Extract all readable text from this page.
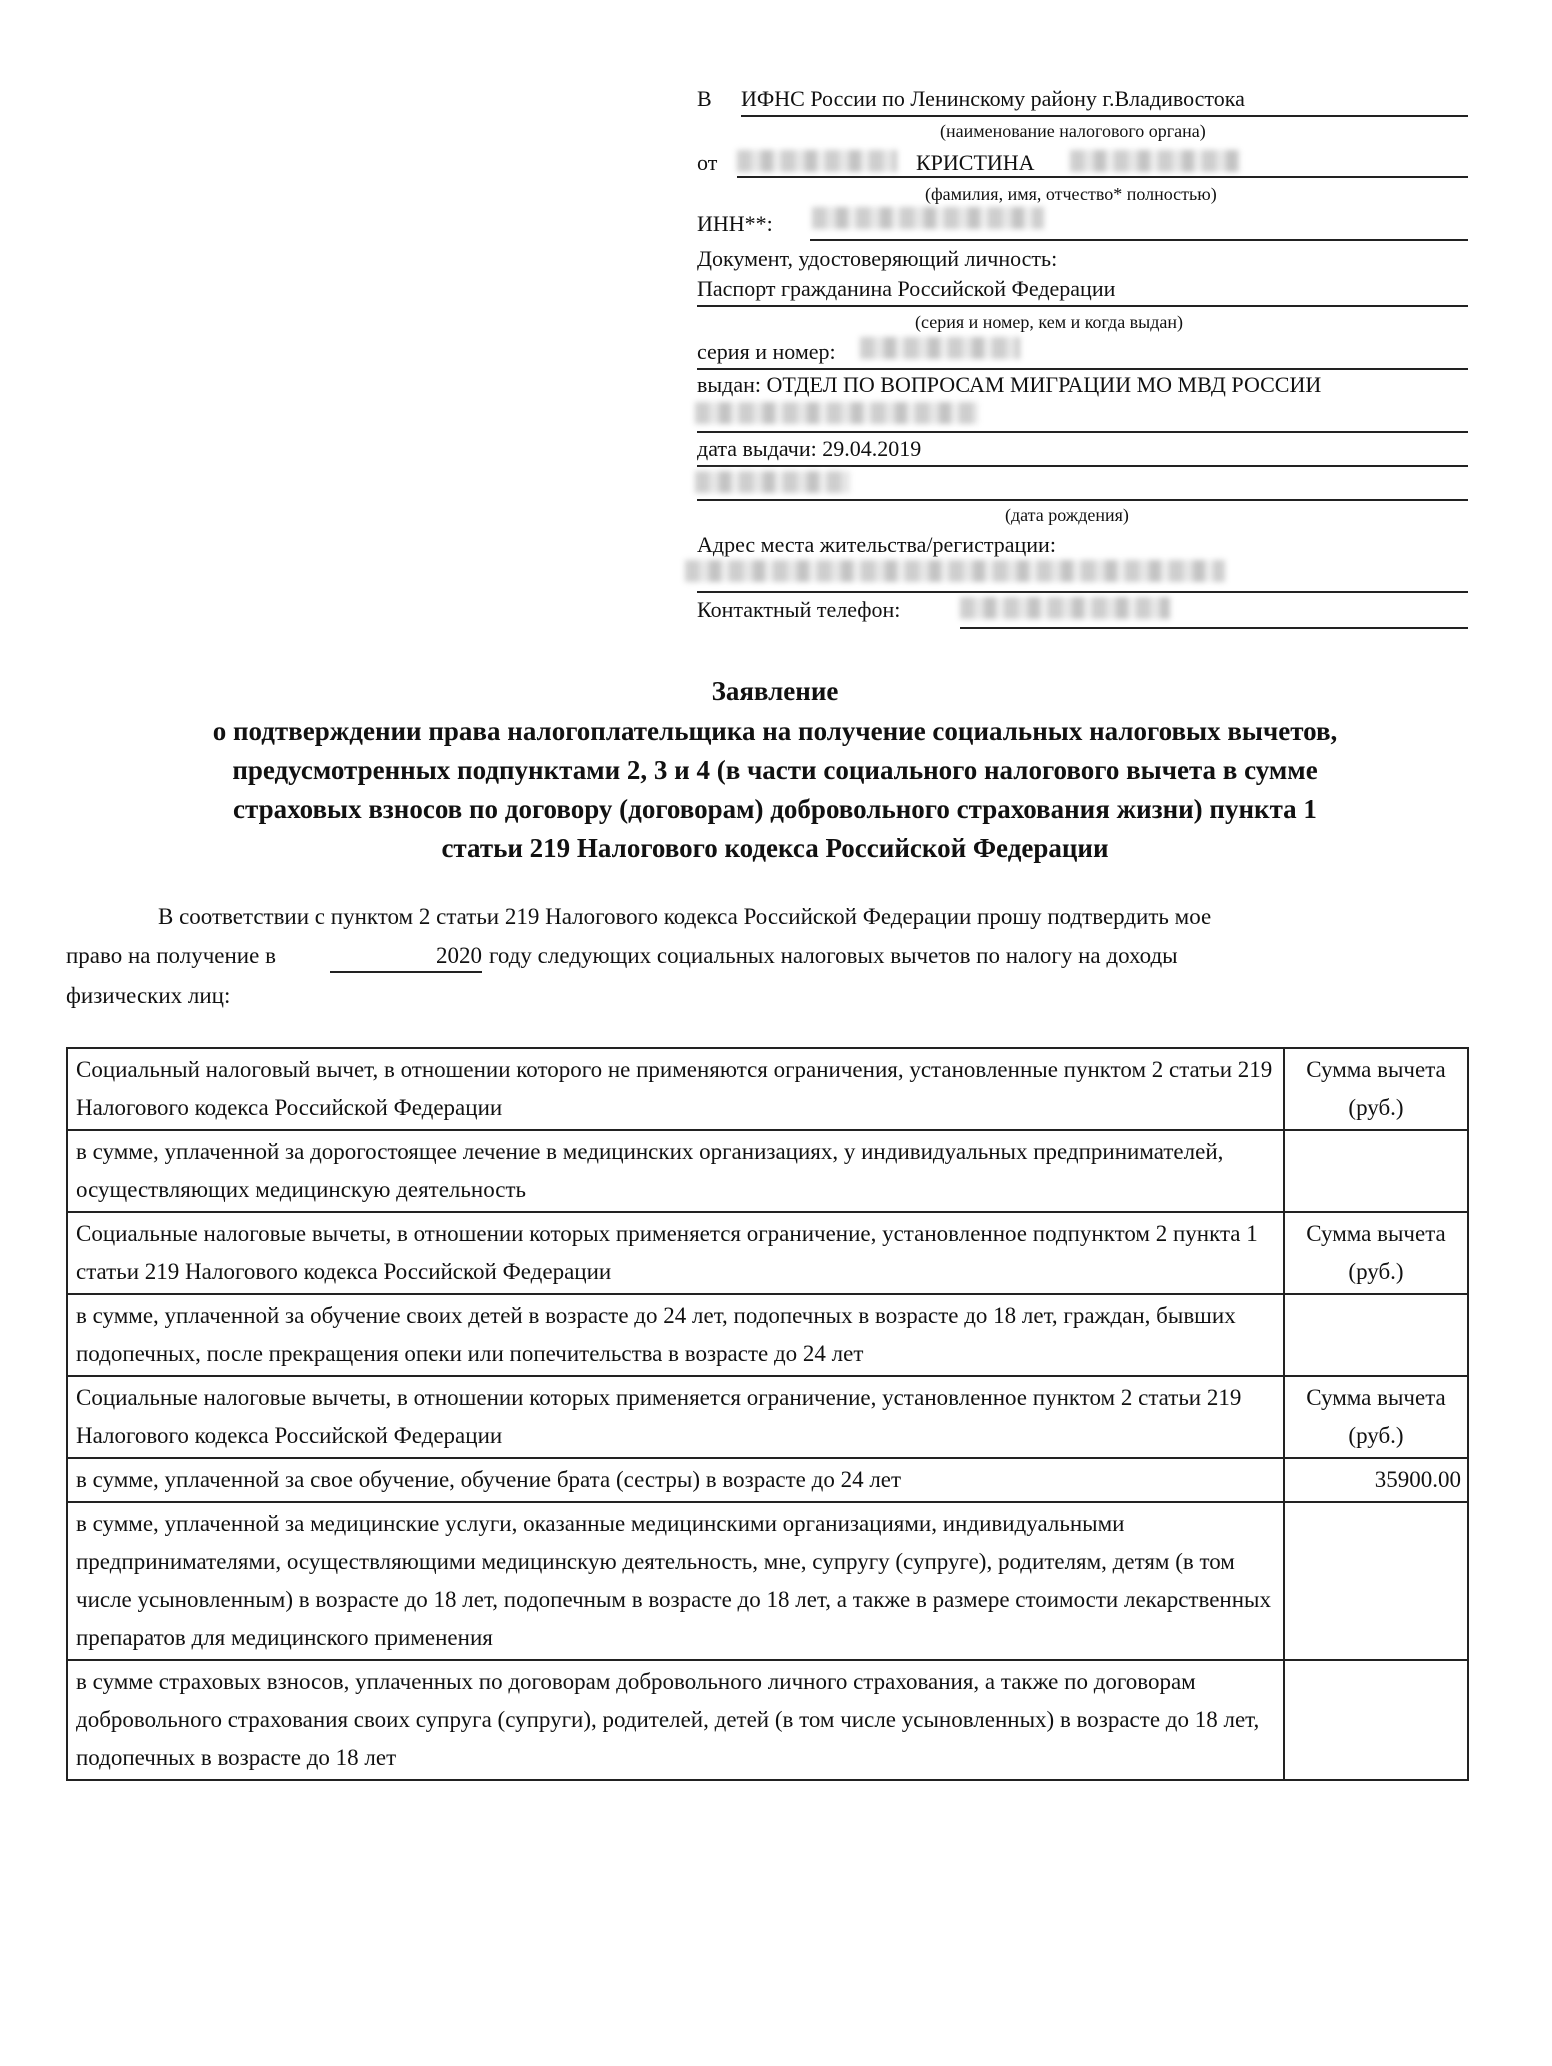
В ИФНС России по Ленинскому району г.Владивостока
(наименование налогового органа)
от	КРИСТИНА
(фамилия, имя, отчество* полностью)
ИНН**:
Документ, удостоверяющий личность:
Паспорт гражданина Российской Федерации
(серия и номер, кем и когда выдан)
серия и номер:
выдан: ОТДЕЛ ПО ВОПРОСАМ МИГРАЦИИ МО МВД РОССИИ
дата выдачи: 29.04.2019
(дата рождения)
Адрес места жительства/регистрации:
Контактный телефон:
Заявление
о подтверждении права налогоплательщика на получение социальных налоговых вычетов,
предусмотренных подпунктами 2, 3 и 4 (в части социального налогового вычета в сумме
страховых взносов по договору (договорам) добровольного страхования жизни) пункта 1
статьи 219 Налогового кодекса Российской Федерации
В соответствии с пунктом 2 статьи 219 Налогового кодекса Российской Федерации прошу подтвердить мое
право на получение в	2020 году следующих социальных налоговых вычетов по налогу на доходы
физических лиц:
Социальный налоговый вычет, в отношении которого не применяются ограничения, установленные пунктом 2 статьи 219 Налогового кодекса Российской Федерации	Сумма вычета (руб.)
в сумме, уплаченной за дорогостоящее лечение в медицинских организациях, у индивидуальных предпринимателей, осуществляющих медицинскую деятельность	
Социальные налоговые вычеты, в отношении которых применяется ограничение, установленное подпунктом 2 пункта 1 статьи 219 Налогового кодекса Российской Федерации	Сумма вычета (руб.)
в сумме, уплаченной за обучение своих детей в возрасте до 24 лет, подопечных в возрасте до 18 лет, граждан, бывших подопечных, после прекращения опеки или попечительства в возрасте до 24 лет	
Социальные налоговые вычеты, в отношении которых применяется ограничение, установленное пунктом 2 статьи 219 Налогового кодекса Российской Федерации	Сумма вычета (руб.)
в сумме, уплаченной за свое обучение, обучение брата (сестры) в возрасте до 24 лет	35900.00
в сумме, уплаченной за медицинские услуги, оказанные медицинскими организациями, индивидуальными предпринимателями, осуществляющими медицинскую деятельность, мне, супругу (супруге), родителям, детям (в том числе усыновленным) в возрасте до 18 лет, подопечным в возрасте до 18 лет, а также в размере стоимости лекарственных препаратов для медицинского применения	
в сумме страховых взносов, уплаченных по договорам добровольного личного страхования, а также по договорам добровольного страхования своих супруга (супруги), родителей, детей (в том числе усыновленных) в возрасте до 18 лет, подопечных в возрасте до 18 лет	
